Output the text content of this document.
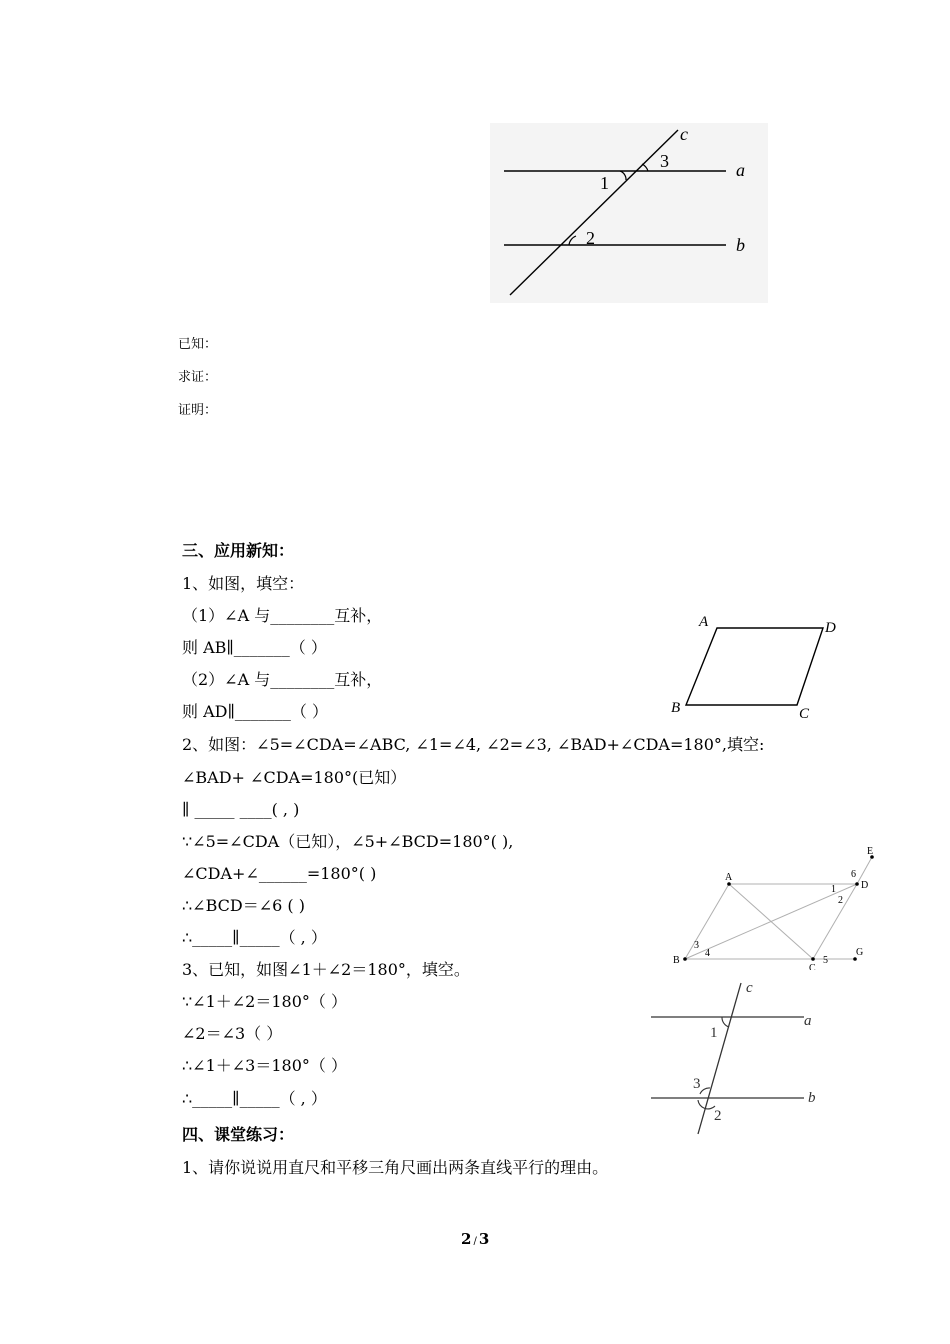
c
3	a
1
2	b
已知：
求证：
证明：
三、应用新知：
1、如图，填空：
（1）∠A 与________互补，
则 AB∥_______（ ）
（2）∠A 与________互补，
则 AD∥_______（ ）
A	D
B	C
2、如图：∠5=∠CDA=∠ABC, ∠1=∠4, ∠2=∠3, ∠BAD+∠CDA=180°,填空:
∠BAD+ ∠CDA=180°(已知）
∥ _____ ____( , )
∵∠5=∠CDA（已知），∠5+∠BCD=180°( ),
∠CDA+∠______=180°( )
∴∠BCD＝∠6 ( )
∴_____∥_____（ , ）
A
B
C
D
E
G
1
2
3
4
5
6
3、已知，如图∠1＋∠2＝180°，填空。
∵∠1＋∠2＝180°（ ）
∠2＝∠3（ ）
∴∠1＋∠3＝180°（ ）
∴_____∥_____（ , ）
c
a
b
1
3
2
四、课堂练习：
1、请你说说用直尺和平移三角尺画出两条直线平行的理由。
2 / 3
